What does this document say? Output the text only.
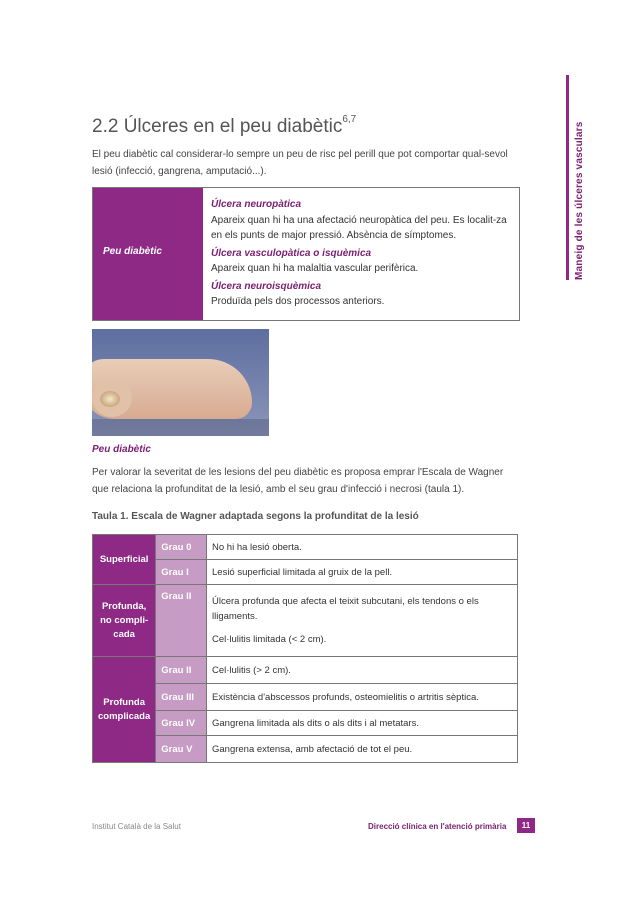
Maneig de les úlceres vasculars
2.2 Úlceres en el peu diabètic$^{6,7}$
El peu diabètic cal considerar-lo sempre un peu de risc pel perill que pot comportar qual-sevol lesió (infecció, gangrena, amputació...).
Peu diabètic
Úlcera neuropàtica
Apareix quan hi ha una afectació neuropàtica del peu. Es localit-za en els punts de major pressió. Absència de símptomes.
Úlcera vasculopàtica o isquèmica
Apareix quan hi ha malaltia vascular perifèrica.
Úlcera neuroisquèmica
Produïda pels dos processos anteriors.
Peu diabètic
Per valorar la severitat de les lesions del peu diabètic es proposa emprar l'Escala de Wagner que relaciona la profunditat de la lesió, amb el seu grau d'infecció i necrosi (taula 1).
Taula 1. Escala de Wagner adaptada segons la profunditat de la lesió
Superficial	Grau 0	No hi ha lesió oberta.
	Grau I	Lesió superficial limitada al gruix de la pell.
Profunda, no compli-cada	Grau II	Úlcera profunda que afecta el teixit subcutani, els tendons o els lligaments.
Cel·lulitis limitada (< 2 cm).

Profunda complicada	Grau II	Cel·lulitis (> 2 cm).
	Grau III	Existència d'abscessos profunds, osteomielitis o artritis sèptica.
	Grau IV	Gangrena limitada als dits o als dits i al metatars.
	Grau V	Gangrena extensa, amb afectació de tot el peu.
Institut Català de la Salut	Direcció clínica en l'atenció primària	11
